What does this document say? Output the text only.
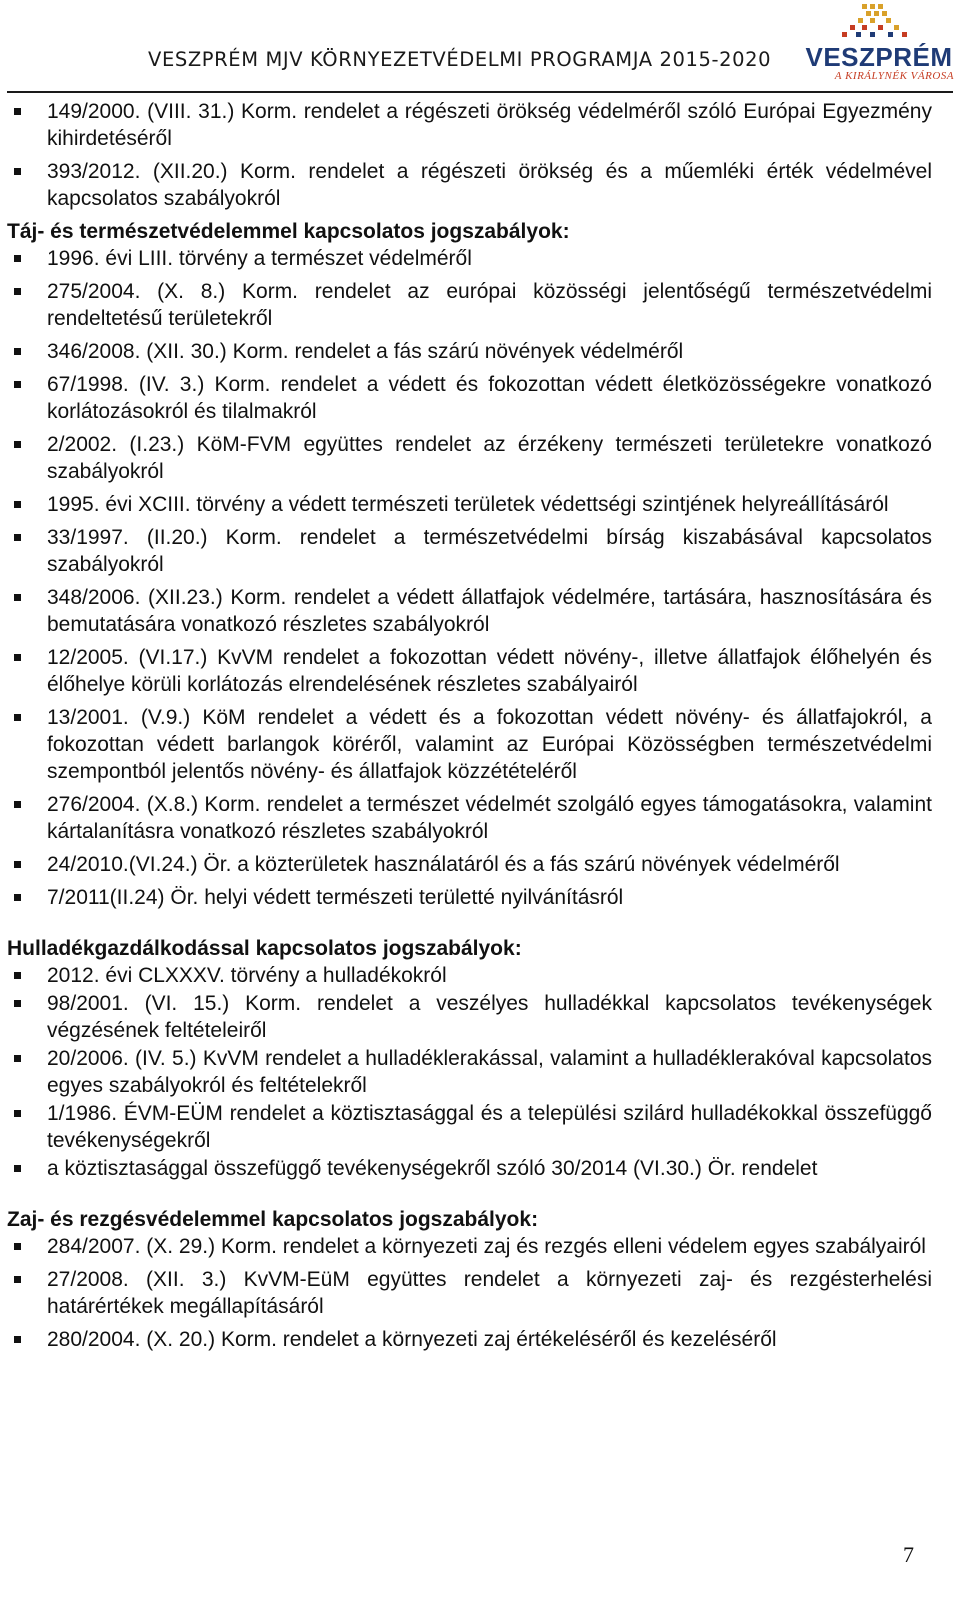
VESZPRÉM MJV KÖRNYEZETVÉDELMI PROGRAMJA 2015-2020 VESZPRÉM
A KIRÁLYNÉK VÁROSA
149/2000. (VIII. 31.) Korm. rendelet a régészeti örökség védelméről szóló Európai Egyezmény kihirdetéséről
393/2012. (XII.20.) Korm. rendelet a régészeti örökség és a műemléki érték védelmével kapcsolatos szabályokról
Táj- és természetvédelemmel kapcsolatos jogszabályok:
1996. évi LIII. törvény a természet védelméről
275/2004. (X. 8.) Korm. rendelet az európai közösségi jelentőségű természetvédelmi rendeltetésű területekről
346/2008. (XII. 30.) Korm. rendelet a fás szárú növények védelméről
67/1998. (IV. 3.) Korm. rendelet a védett és fokozottan védett életközösségekre vonatkozó korlátozásokról és tilalmakról
2/2002. (I.23.) KöM-FVM együttes rendelet az érzékeny természeti területekre vonatkozó szabályokról
1995. évi XCIII. törvény a védett természeti területek védettségi szintjének helyreállításáról
33/1997. (II.20.) Korm. rendelet a természetvédelmi bírság kiszabásával kapcsolatos szabályokról
348/2006. (XII.23.) Korm. rendelet a védett állatfajok védelmére, tartására, hasznosítására és bemutatására vonatkozó részletes szabályokról
12/2005. (VI.17.) KvVM rendelet a fokozottan védett növény-, illetve állatfajok élőhelyén és élőhelye körüli korlátozás elrendelésének részletes szabályairól
13/2001. (V.9.) KöM rendelet a védett és a fokozottan védett növény- és állatfajokról, a fokozottan védett barlangok köréről, valamint az Európai Közösségben természetvédelmi szempontból jelentős növény- és állatfajok közzétételéről
276/2004. (X.8.) Korm. rendelet a természet védelmét szolgáló egyes támogatásokra, valamint kártalanításra vonatkozó részletes szabályokról
24/2010.(VI.24.) Ör. a közterületek használatáról és a fás szárú növények védelméről
7/2011(II.24) Ör. helyi védett természeti területté nyilvánításról
Hulladékgazdálkodással kapcsolatos jogszabályok:
2012. évi CLXXXV. törvény a hulladékokról
98/2001. (VI. 15.) Korm. rendelet a veszélyes hulladékkal kapcsolatos tevékenységek végzésének feltételeiről
20/2006. (IV. 5.) KvVM rendelet a hulladéklerakással, valamint a hulladéklerakóval kapcsolatos egyes szabályokról és feltételekről
1/1986. ÉVM-EÜM rendelet a köztisztasággal és a települési szilárd hulladékokkal összefüggő tevékenységekről
a köztisztasággal összefüggő tevékenységekről szóló 30/2014 (VI.30.) Ör. rendelet
Zaj- és rezgésvédelemmel kapcsolatos jogszabályok:
284/2007. (X. 29.) Korm. rendelet a környezeti zaj és rezgés elleni védelem egyes szabályairól
27/2008. (XII. 3.) KvVM-EüM együttes rendelet a környezeti zaj- és rezgésterhelési határértékek megállapításáról
280/2004. (X. 20.) Korm. rendelet a környezeti zaj értékeléséről és kezeléséről
7
